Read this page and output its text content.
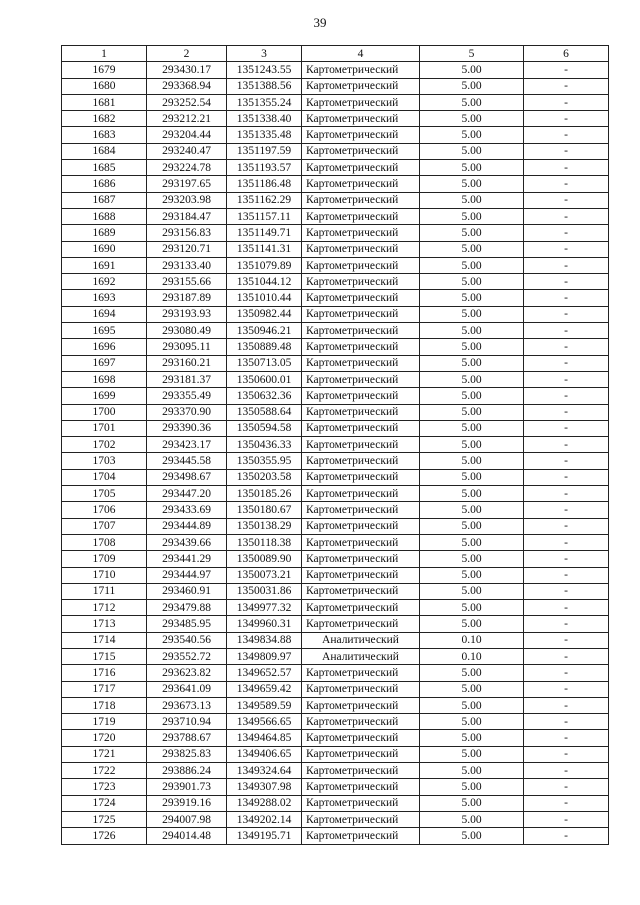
39
1	2	3	4	5	6
1679	293430.17	1351243.55	Картометрический	5.00	-
1680	293368.94	1351388.56	Картометрический	5.00	-
1681	293252.54	1351355.24	Картометрический	5.00	-
1682	293212.21	1351338.40	Картометрический	5.00	-
1683	293204.44	1351335.48	Картометрический	5.00	-
1684	293240.47	1351197.59	Картометрический	5.00	-
1685	293224.78	1351193.57	Картометрический	5.00	-
1686	293197.65	1351186.48	Картометрический	5.00	-
1687	293203.98	1351162.29	Картометрический	5.00	-
1688	293184.47	1351157.11	Картометрический	5.00	-
1689	293156.83	1351149.71	Картометрический	5.00	-
1690	293120.71	1351141.31	Картометрический	5.00	-
1691	293133.40	1351079.89	Картометрический	5.00	-
1692	293155.66	1351044.12	Картометрический	5.00	-
1693	293187.89	1351010.44	Картометрический	5.00	-
1694	293193.93	1350982.44	Картометрический	5.00	-
1695	293080.49	1350946.21	Картометрический	5.00	-
1696	293095.11	1350889.48	Картометрический	5.00	-
1697	293160.21	1350713.05	Картометрический	5.00	-
1698	293181.37	1350600.01	Картометрический	5.00	-
1699	293355.49	1350632.36	Картометрический	5.00	-
1700	293370.90	1350588.64	Картометрический	5.00	-
1701	293390.36	1350594.58	Картометрический	5.00	-
1702	293423.17	1350436.33	Картометрический	5.00	-
1703	293445.58	1350355.95	Картометрический	5.00	-
1704	293498.67	1350203.58	Картометрический	5.00	-
1705	293447.20	1350185.26	Картометрический	5.00	-
1706	293433.69	1350180.67	Картометрический	5.00	-
1707	293444.89	1350138.29	Картометрический	5.00	-
1708	293439.66	1350118.38	Картометрический	5.00	-
1709	293441.29	1350089.90	Картометрический	5.00	-
1710	293444.97	1350073.21	Картометрический	5.00	-
1711	293460.91	1350031.86	Картометрический	5.00	-
1712	293479.88	1349977.32	Картометрический	5.00	-
1713	293485.95	1349960.31	Картометрический	5.00	-
1714	293540.56	1349834.88	Аналитический	0.10	-
1715	293552.72	1349809.97	Аналитический	0.10	-
1716	293623.82	1349652.57	Картометрический	5.00	-
1717	293641.09	1349659.42	Картометрический	5.00	-
1718	293673.13	1349589.59	Картометрический	5.00	-
1719	293710.94	1349566.65	Картометрический	5.00	-
1720	293788.67	1349464.85	Картометрический	5.00	-
1721	293825.83	1349406.65	Картометрический	5.00	-
1722	293886.24	1349324.64	Картометрический	5.00	-
1723	293901.73	1349307.98	Картометрический	5.00	-
1724	293919.16	1349288.02	Картометрический	5.00	-
1725	294007.98	1349202.14	Картометрический	5.00	-
1726	294014.48	1349195.71	Картометрический	5.00	-
